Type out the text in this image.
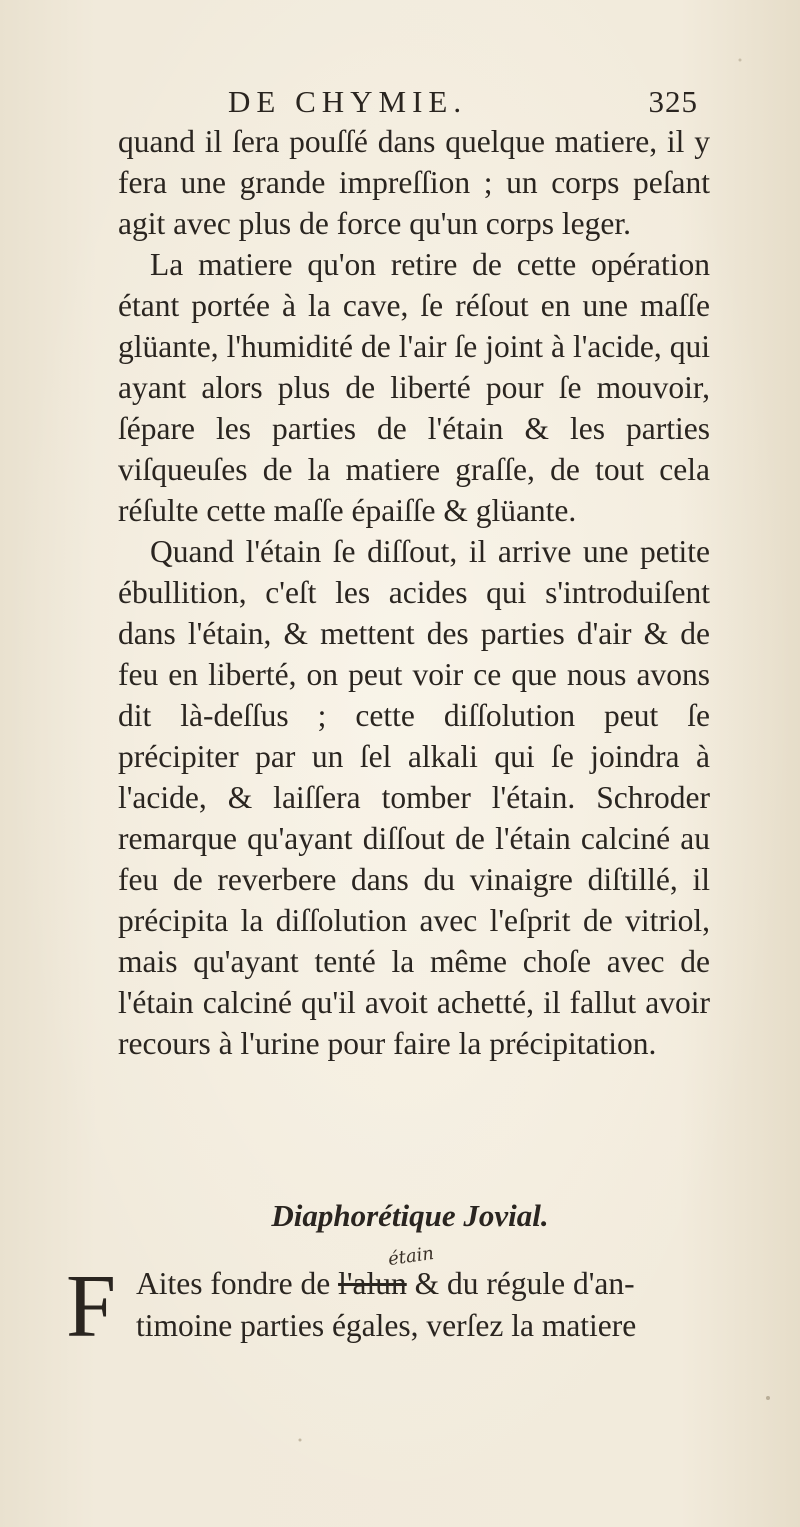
DE CHYMIE.	325

quand il ſera pouſſé dans quelque matiere, il y fera une grande impreſſion ; un corps peſant agit avec plus de force qu'un corps leger.

La matiere qu'on retire de cette opération étant portée à la cave, ſe réſout en une maſſe glüante, l'humidité de l'air ſe joint à l'acide, qui ayant alors plus de liberté pour ſe mouvoir, ſépare les parties de l'étain & les parties viſqueuſes de la matiere graſſe, de tout cela réſulte cette maſſe épaiſſe & glüante.

Quand l'étain ſe diſſout, il arrive une petite ébullition, c'eſt les acides qui s'introduiſent dans l'étain, & mettent des parties d'air & de feu en liberté, on peut voir ce que nous avons dit là-deſſus ; cette diſſolution peut ſe précipiter par un ſel alkali qui ſe joindra à l'acide, & laiſſera tomber l'étain. Schroder remarque qu'ayant diſſout de l'étain calciné au feu de reverbere dans du vinaigre diſtillé, il précipita la diſſolution avec l'eſprit de vitriol, mais qu'ayant tenté la même choſe avec de l'étain calciné qu'il avoit achetté, il fallut avoir recours à l'urine pour faire la précipitation.

Diaphorétique Jovial.
étain
F Aites fondre de l'alun & du régule d'an-
timoine parties égales, verſez la matiere
